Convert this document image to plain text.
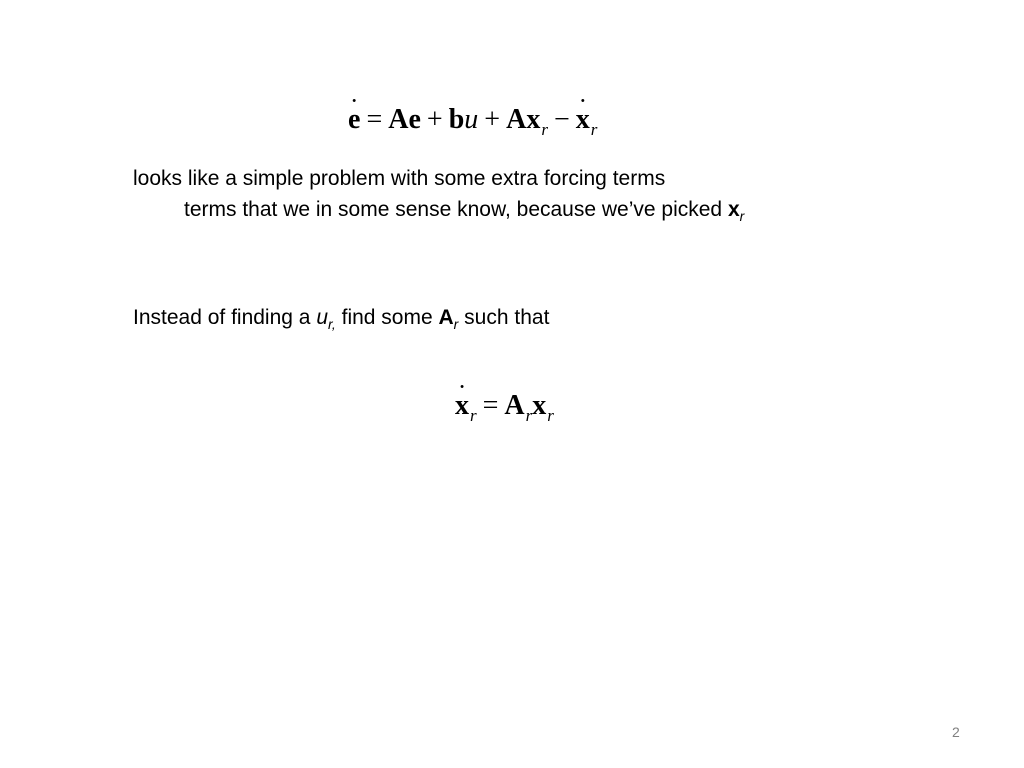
e ˙ = Ae + bu + $Ax_r - x$ $˙_r$
looks like a simple problem with some extra forcing terms
terms that we in some sense know, because we’ve picked $x_r$
Instead of finding a $u_{r,}$ find some $A_r$ such that
x $˙_r = A_rx_r$
2
